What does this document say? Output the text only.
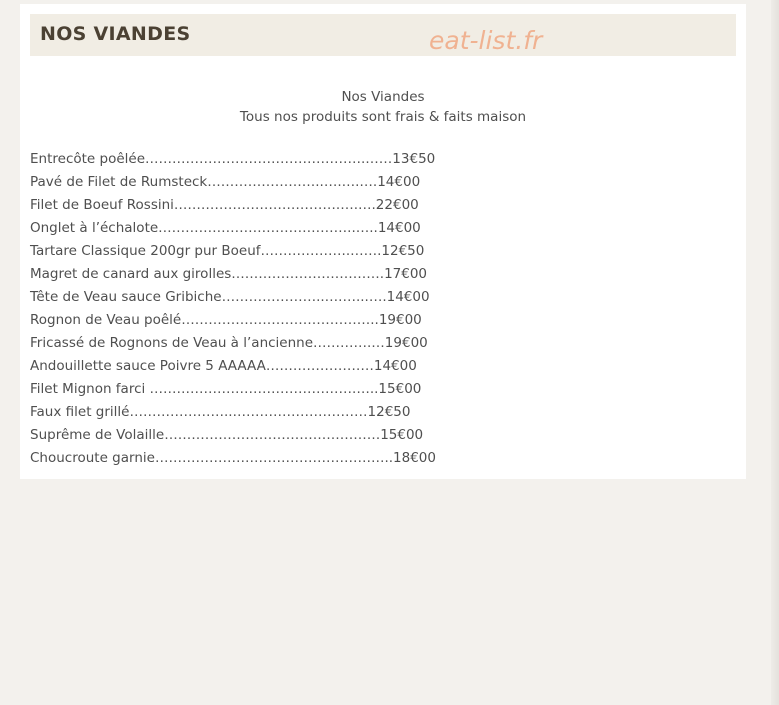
NOS VIANDES	eat-list.fr
Nos Viandes
Tous nos produits sont frais & faits maison
Entrecôte poêlée………………………………………….……13€50
Pavé de Filet de Rumsteck……………………..….….….14€00
Filet de Boeuf Rossini……………………………….….….22€00
Onglet à l’échalote……………………………………..…..14€00
Tartare Classique 200gr pur Boeuf………………..…….12€50
Magret de canard aux girolles…………………………….17€00
Tête de Veau sauce Gribiche…………………..….…...….14€00
Rognon de Veau poêlé……………………………………..19€00
Fricassé de Rognons de Veau à l’ancienne………….…19€00
Andouillette sauce Poivre 5 AAAAA……………………14€00
Filet Mignon farci ……………………………………….…..15€00
Faux filet grillé…………………..…………………………12€50
Suprême de Volaille…………………………………………15€00
Choucroute garnie……………………………………………..18€00
